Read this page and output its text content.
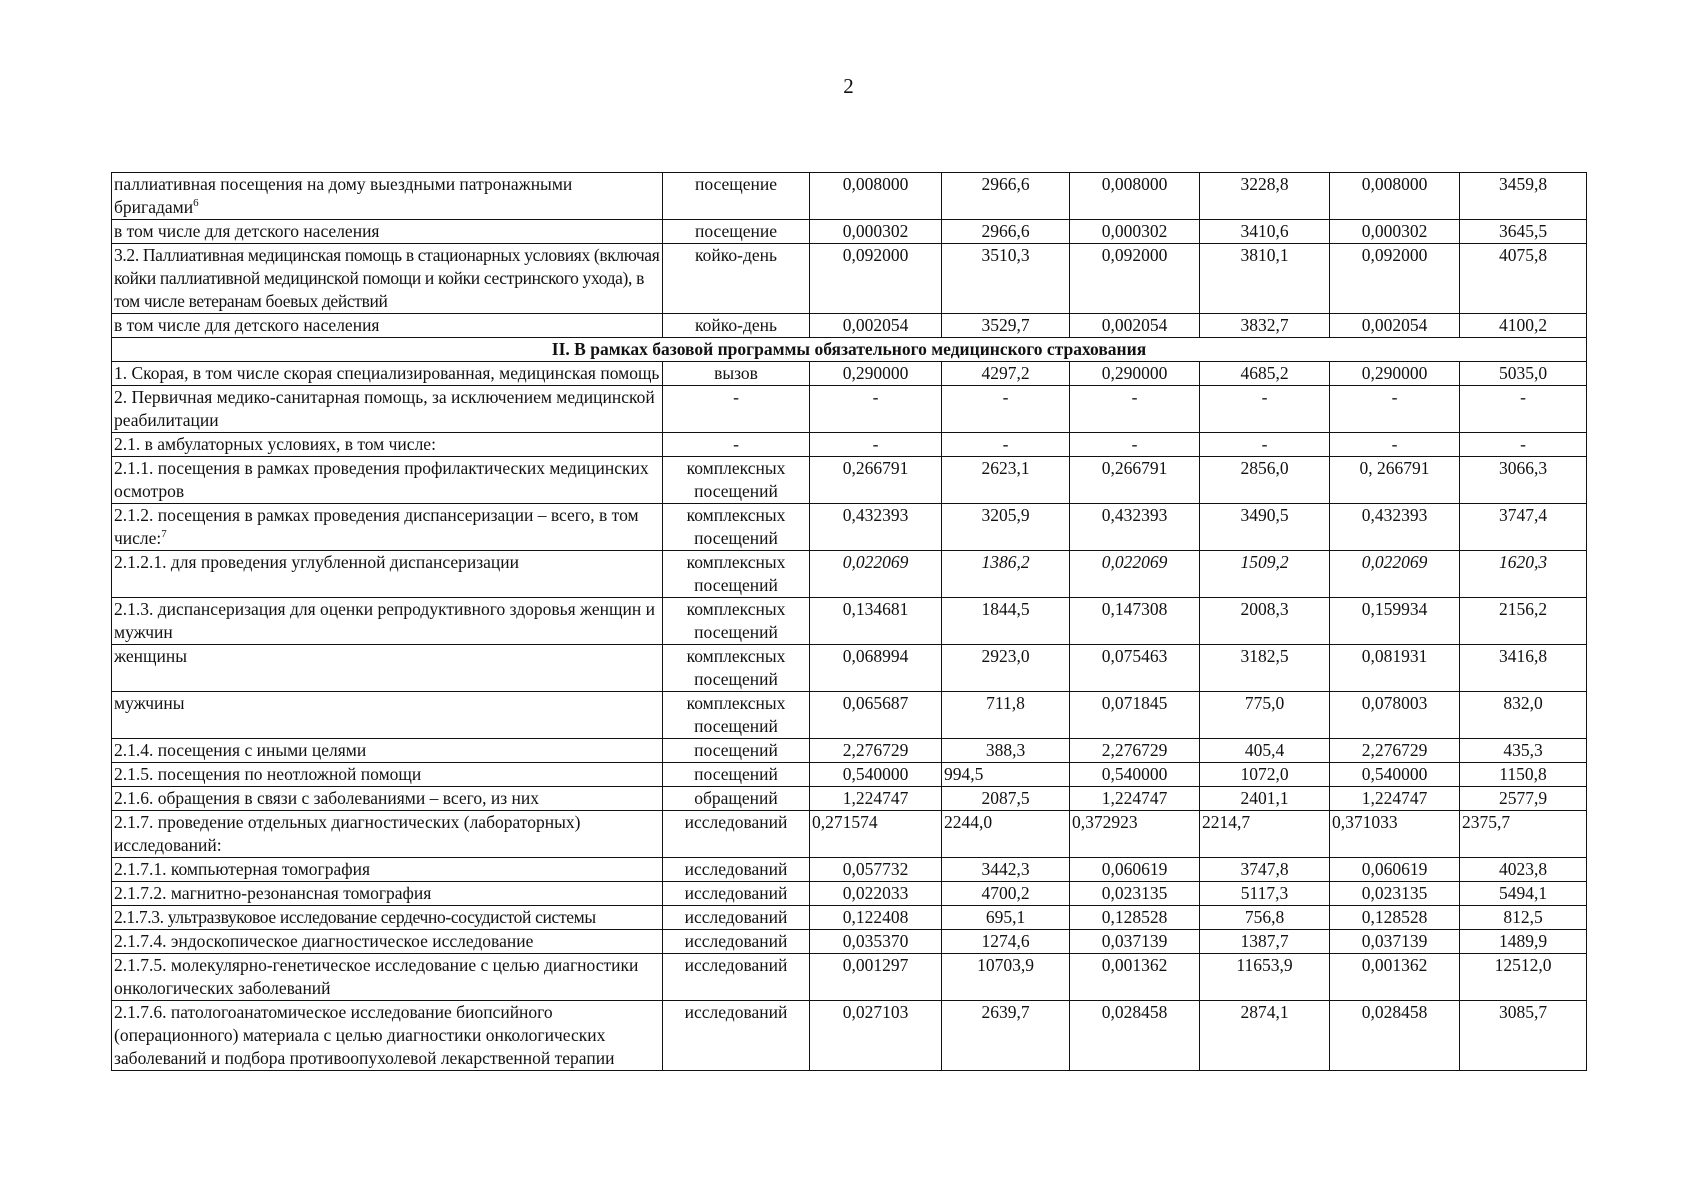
2
паллиативная посещения на дому выездными патронажными бригадами$^6$	посещение	0,008000	2966,6	0,008000	3228,8	0,008000	3459,8
в том числе для детского населения	посещение	0,000302	2966,6	0,000302	3410,6	0,000302	3645,5
3.2. Паллиативная медицинская помощь в стационарных условиях (включая койки паллиативной медицинской помощи и койки сестринского ухода), в том числе ветеранам боевых действий	койко-день	0,092000	3510,3	0,092000	3810,1	0,092000	4075,8
в том числе для детского населения	койко-день	0,002054	3529,7	0,002054	3832,7	0,002054	4100,2
II. В рамках базовой программы обязательного медицинского страхования							
1. Скорая, в том числе скорая специализированная, медицинская помощь	вызов	0,290000	4297,2	0,290000	4685,2	0,290000	5035,0
2. Первичная медико-санитарная помощь, за исключением медицинской реабилитации	-	-	-	-	-	-	-
2.1. в амбулаторных условиях, в том числе:	-	-	-	-	-	-	-
2.1.1. посещения в рамках проведения профилактических медицинских осмотров	комплексных посещений	0,266791	2623,1	0,266791	2856,0	0, 266791	3066,3
2.1.2. посещения в рамках проведения диспансеризации – всего, в том числе:$^7$	комплексных посещений	0,432393	3205,9	0,432393	3490,5	0,432393	3747,4
2.1.2.1. для проведения углубленной диспансеризации	комплексных посещений	0,022069	1386,2	0,022069	1509,2	0,022069	1620,3
2.1.3. диспансеризация для оценки репродуктивного здоровья женщин и мужчин	комплексных посещений	0,134681	1844,5	0,147308	2008,3	0,159934	2156,2
женщины	комплексных посещений	0,068994	2923,0	0,075463	3182,5	0,081931	3416,8
мужчины	комплексных посещений	0,065687	711,8	0,071845	775,0	0,078003	832,0
2.1.4. посещения с иными целями	посещений	2,276729	388,3	2,276729	405,4	2,276729	435,3
2.1.5. посещения по неотложной помощи	посещений	0,540000	994,5	0,540000	1072,0	0,540000	1150,8
2.1.6. обращения в связи с заболеваниями – всего, из них	обращений	1,224747	2087,5	1,224747	2401,1	1,224747	2577,9
2.1.7. проведение отдельных диагностических (лабораторных) исследований:	исследований	0,271574	2244,0	0,372923	2214,7	0,371033	2375,7
2.1.7.1. компьютерная томография	исследований	0,057732	3442,3	0,060619	3747,8	0,060619	4023,8
2.1.7.2. магнитно-резонансная томография	исследований	0,022033	4700,2	0,023135	5117,3	0,023135	5494,1
2.1.7.3. ультразвуковое исследование сердечно-сосудистой системы	исследований	0,122408	695,1	0,128528	756,8	0,128528	812,5
2.1.7.4. эндоскопическое диагностическое исследование	исследований	0,035370	1274,6	0,037139	1387,7	0,037139	1489,9
2.1.7.5. молекулярно-генетическое исследование с целью диагностики онкологических заболеваний	исследований	0,001297	10703,9	0,001362	11653,9	0,001362	12512,0
2.1.7.6. патологоанатомическое исследование биопсийного (операционного) материала с целью диагностики онкологических заболеваний и подбора противоопухолевой лекарственной терапии	исследований	0,027103	2639,7	0,028458	2874,1	0,028458	3085,7
